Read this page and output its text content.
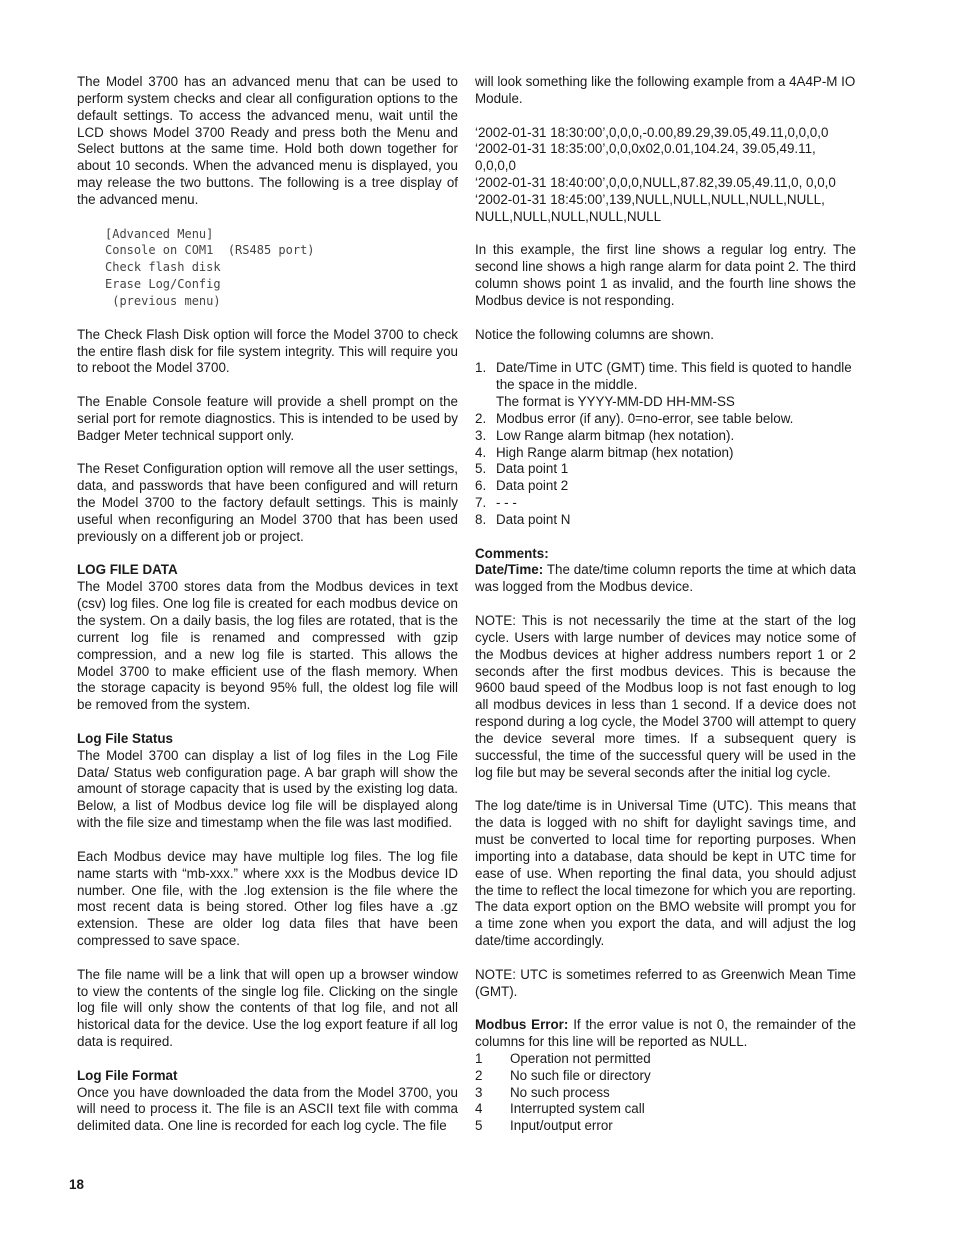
The Model 3700 has an advanced menu that can be used to perform system checks and clear all configuration options to the default settings. To access the advanced menu, wait until the LCD shows Model 3700 Ready and press both the Menu and Select buttons at the same time. Hold both down together for about 10 seconds. When the advanced menu is displayed, you may release the two buttons. The following is a tree display of the advanced menu.

[Advanced Menu]
Console on COM1  (RS485 port)
Check flash disk
Erase Log/Config
(previous menu)

The Check Flash Disk option will force the Model 3700 to check the entire flash disk for file system integrity. This will require you to reboot the Model 3700.

The Enable Console feature will provide a shell prompt on the serial port for remote diagnostics. This is intended to be used by Badger Meter technical support only.

The Reset Configuration option will remove all the user settings, data, and passwords that have been configured and will return the Model 3700 to the factory default settings. This is mainly useful when reconfiguring an Model 3700 that has been used previously on a different job or project.

LOG FILE DATA

The Model 3700 stores data from the Modbus devices in text (csv) log files. One log file is created for each modbus device on the system. On a daily basis, the log files are rotated, that is the current log file is renamed and compressed with gzip compression, and a new log file is started. This allows the Model 3700 to make efficient use of the flash memory. When the storage capacity is beyond 95% full, the oldest log file will be removed from the system.

Log File Status

The Model 3700 can display a list of log files in the Log File Data/ Status web configuration page. A bar graph will show the amount of storage capacity that is used by the existing log data. Below, a list of Modbus device log file will be displayed along with the file size and timestamp when the file was last modified.

Each Modbus device may have multiple log files. The log file name starts with “mb-xxx.” where xxx is the Modbus device ID number. One file, with the .log extension is the file where the most recent data is being stored. Other log files have a .gz extension. These are older log data files that have been compressed to save space.

The file name will be a link that will open up a browser window to view the contents of the single log file. Clicking on the single log file will only show the contents of that log file, and not all historical data for the device. Use the log export feature if all log data is required.

Log File Format

Once you have downloaded the data from the Model 3700, you will need to process it. The file is an ASCII text file with comma delimited data. One line is recorded for each log cycle. The file

will look something like the following example from a 4A4P-M IO Module.

‘2002-01-31 18:30:00’,0,0,0,-0.00,89.29,39.05,49.11,0,0,0,0
‘2002-01-31 18:35:00’,0,0,0x02,0.01,104.24, 39.05,49.11,
0,0,0,0
‘2002-01-31 18:40:00’,0,0,0,NULL,87.82,39.05,49.11,0, 0,0,0
‘2002-01-31 18:45:00’,139,NULL,NULL,NULL,NULL,NULL,
NULL,NULL,NULL,NULL,NULL

In this example, the first line shows a regular log entry. The second line shows a high range alarm for data point 2. The third column shows point 1 as invalid, and the fourth line shows the Modbus device is not responding.

Notice the following columns are shown.

1. Date/Time in UTC (GMT) time. This field is quoted to handle the space in the middle.
The format is YYYY-MM-DD HH-MM-SS
2. Modbus error (if any). 0=no-error, see table below.
3. Low Range alarm bitmap (hex notation).
4. High Range alarm bitmap (hex notation)
5. Data point 1
6. Data point 2
7. - - -
8. Data point N
Comments:

Date/Time: The date/time column reports the time at which data was logged from the Modbus device.

NOTE: This is not necessarily the time at the start of the log cycle. Users with large number of devices may notice some of the Modbus devices at higher address numbers report 1 or 2 seconds after the first modbus devices. This is because the 9600 baud speed of the Modbus loop is not fast enough to log all modbus devices in less than 1 second. If a device does not respond during a log cycle, the Model 3700 will attempt to query the device several more times. If a subsequent query is successful, the time of the successful query will be used in the log file but may be several seconds after the initial log cycle.

The log date/time is in Universal Time (UTC). This means that the data is logged with no shift for daylight savings time, and must be converted to local time for reporting purposes. When importing into a database, data should be kept in UTC time for ease of use. When reporting the final data, you should adjust the time to reflect the local timezone for which you are reporting. The data export option on the BMO website will prompt you for a time zone when you export the data, and will adjust the log date/time accordingly.

NOTE: UTC is sometimes referred to as Greenwich Mean Time (GMT).

Modbus Error: If the error value is not 0, the remainder of the columns for this line will be reported as NULL.

1	Operation not permitted
2	No such file or directory
3	No such process
4	Interrupted system call
5	Input/output error
18
